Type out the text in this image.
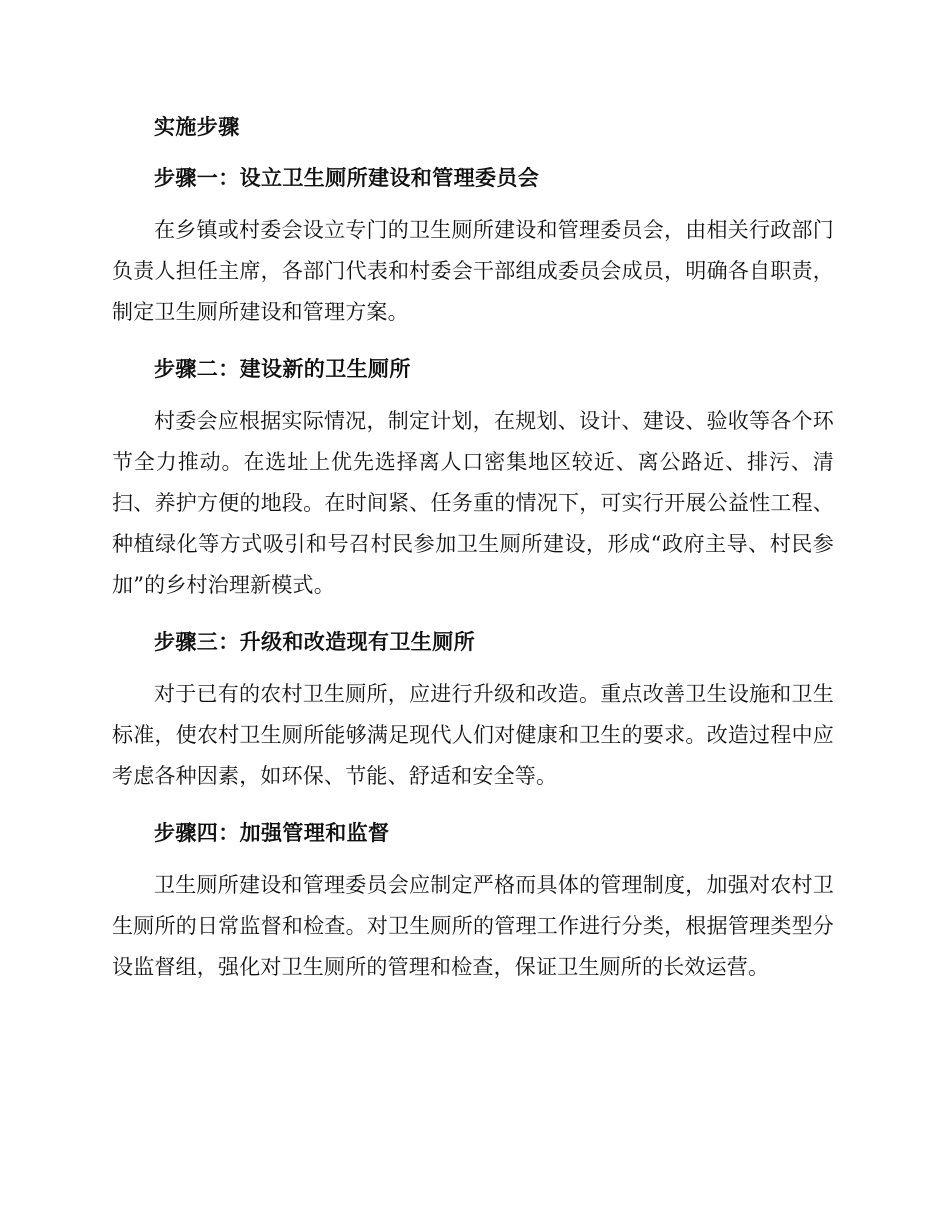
实施步骤

步骤一：设立卫生厕所建设和管理委员会

在乡镇或村委会设立专门的卫生厕所建设和管理委员会，由相关行政部门负责人担任主席，各部门代表和村委会干部组成委员会成员，明确各自职责，制定卫生厕所建设和管理方案。

步骤二：建设新的卫生厕所

村委会应根据实际情况，制定计划，在规划、设计、建设、验收等各个环节全力推动。在选址上优先选择离人口密集地区较近、离公路近、排污、清扫、养护方便的地段。在时间紧、任务重的情况下，可实行开展公益性工程、种植绿化等方式吸引和号召村民参加卫生厕所建设，形成“政府主导、村民参加”的乡村治理新模式。

步骤三：升级和改造现有卫生厕所

对于已有的农村卫生厕所，应进行升级和改造。重点改善卫生设施和卫生标准，使农村卫生厕所能够满足现代人们对健康和卫生的要求。改造过程中应考虑各种因素，如环保、节能、舒适和安全等。

步骤四：加强管理和监督

卫生厕所建设和管理委员会应制定严格而具体的管理制度，加强对农村卫生厕所的日常监督和检查。对卫生厕所的管理工作进行分类，根据管理类型分设监督组，强化对卫生厕所的管理和检查，保证卫生厕所的长效运营。
